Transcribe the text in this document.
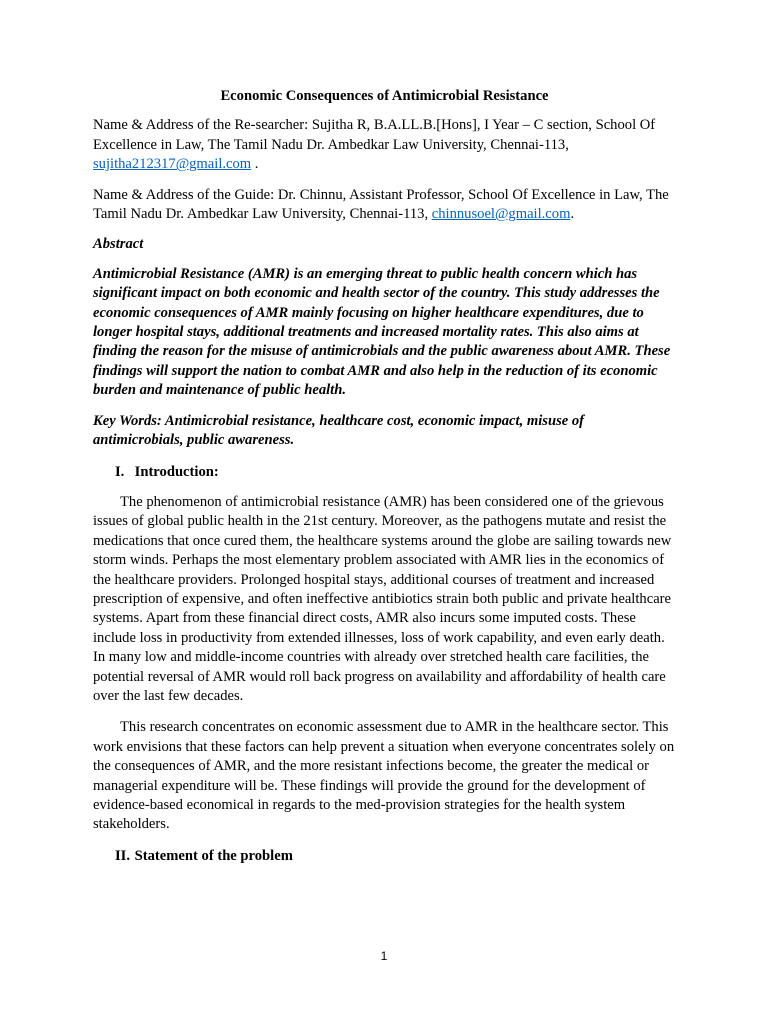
Economic Consequences of Antimicrobial Resistance

Name & Address of the Re-searcher: Sujitha R, B.A.LL.B.[Hons], I Year – C section, School Of Excellence in Law, The Tamil Nadu Dr. Ambedkar Law University, Chennai-113, sujitha212317@gmail.com .

Name & Address of the Guide: Dr. Chinnu, Assistant Professor, School Of Excellence in Law, The Tamil Nadu Dr. Ambedkar Law University, Chennai-113, chinnusoel@gmail.com.

Abstract

Antimicrobial Resistance (AMR) is an emerging threat to public health concern which has significant impact on both economic and health sector of the country. This study addresses the economic consequences of AMR mainly focusing on higher healthcare expenditures, due to longer hospital stays, additional treatments and increased mortality rates. This also aims at finding the reason for the misuse of antimicrobials and the public awareness about AMR. These findings will support the nation to combat AMR and also help in the reduction of its economic burden and maintenance of public health.

Key Words: Antimicrobial resistance, healthcare cost, economic impact, misuse of antimicrobials, public awareness.

I. Introduction:

The phenomenon of antimicrobial resistance (AMR) has been considered one of the grievous issues of global public health in the 21st century. Moreover, as the pathogens mutate and resist the medications that once cured them, the healthcare systems around the globe are sailing towards new storm winds. Perhaps the most elementary problem associated with AMR lies in the economics of the healthcare providers. Prolonged hospital stays, additional courses of treatment and increased prescription of expensive, and often ineffective antibiotics strain both public and private healthcare systems. Apart from these financial direct costs, AMR also incurs some imputed costs. These include loss in productivity from extended illnesses, loss of work capability, and even early death. In many low and middle-income countries with already over stretched health care facilities, the potential reversal of AMR would roll back progress on availability and affordability of health care over the last few decades.

This research concentrates on economic assessment due to AMR in the healthcare sector. This work envisions that these factors can help prevent a situation when everyone concentrates solely on the consequences of AMR, and the more resistant infections become, the greater the medical or managerial expenditure will be. These findings will provide the ground for the development of evidence-based economical in regards to the med-provision strategies for the health system stakeholders.

II. Statement of the problem

1
